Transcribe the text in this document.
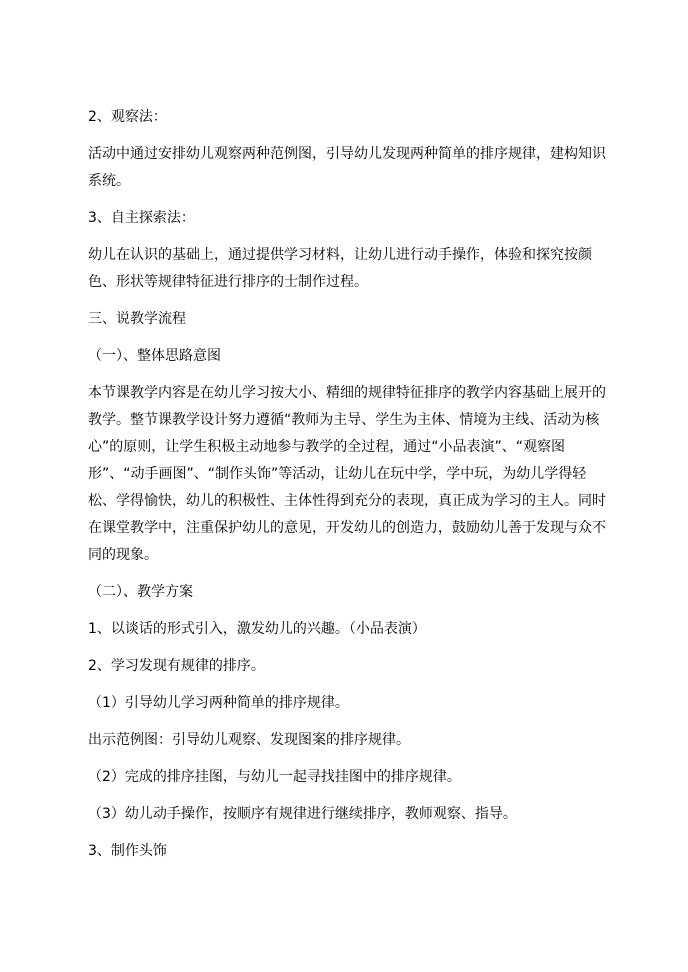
2、观察法：

活动中通过安排幼儿观察两种范例图，引导幼儿发现两种简单的排序规律，建构知识系统。

3、自主探索法：

幼儿在认识的基础上，通过提供学习材料，让幼儿进行动手操作，体验和探究按颜色、形状等规律特征进行排序的士制作过程。

三、说教学流程

（一）、整体思路意图

本节课教学内容是在幼儿学习按大小、精细的规律特征排序的教学内容基础上展开的教学。整节课教学设计努力遵循“教师为主导、学生为主体、情境为主线、活动为核心”的原则，让学生积极主动地参与教学的全过程，通过“小品表演”、“观察图形”、“动手画图”、“制作头饰”等活动，让幼儿在玩中学，学中玩，为幼儿学得轻松、学得愉快，幼儿的积极性、主体性得到充分的表现，真正成为学习的主人。同时在课堂教学中，注重保护幼儿的意见，开发幼儿的创造力，鼓励幼儿善于发现与众不同的现象。

（二）、教学方案

1、以谈话的形式引入，激发幼儿的兴趣。（小品表演）

2、学习发现有规律的排序。

（1）引导幼儿学习两种简单的排序规律。

出示范例图：引导幼儿观察、发现图案的排序规律。

（2）完成的排序挂图，与幼儿一起寻找挂图中的排序规律。

（3）幼儿动手操作，按顺序有规律进行继续排序，教师观察、指导。

3、制作头饰
